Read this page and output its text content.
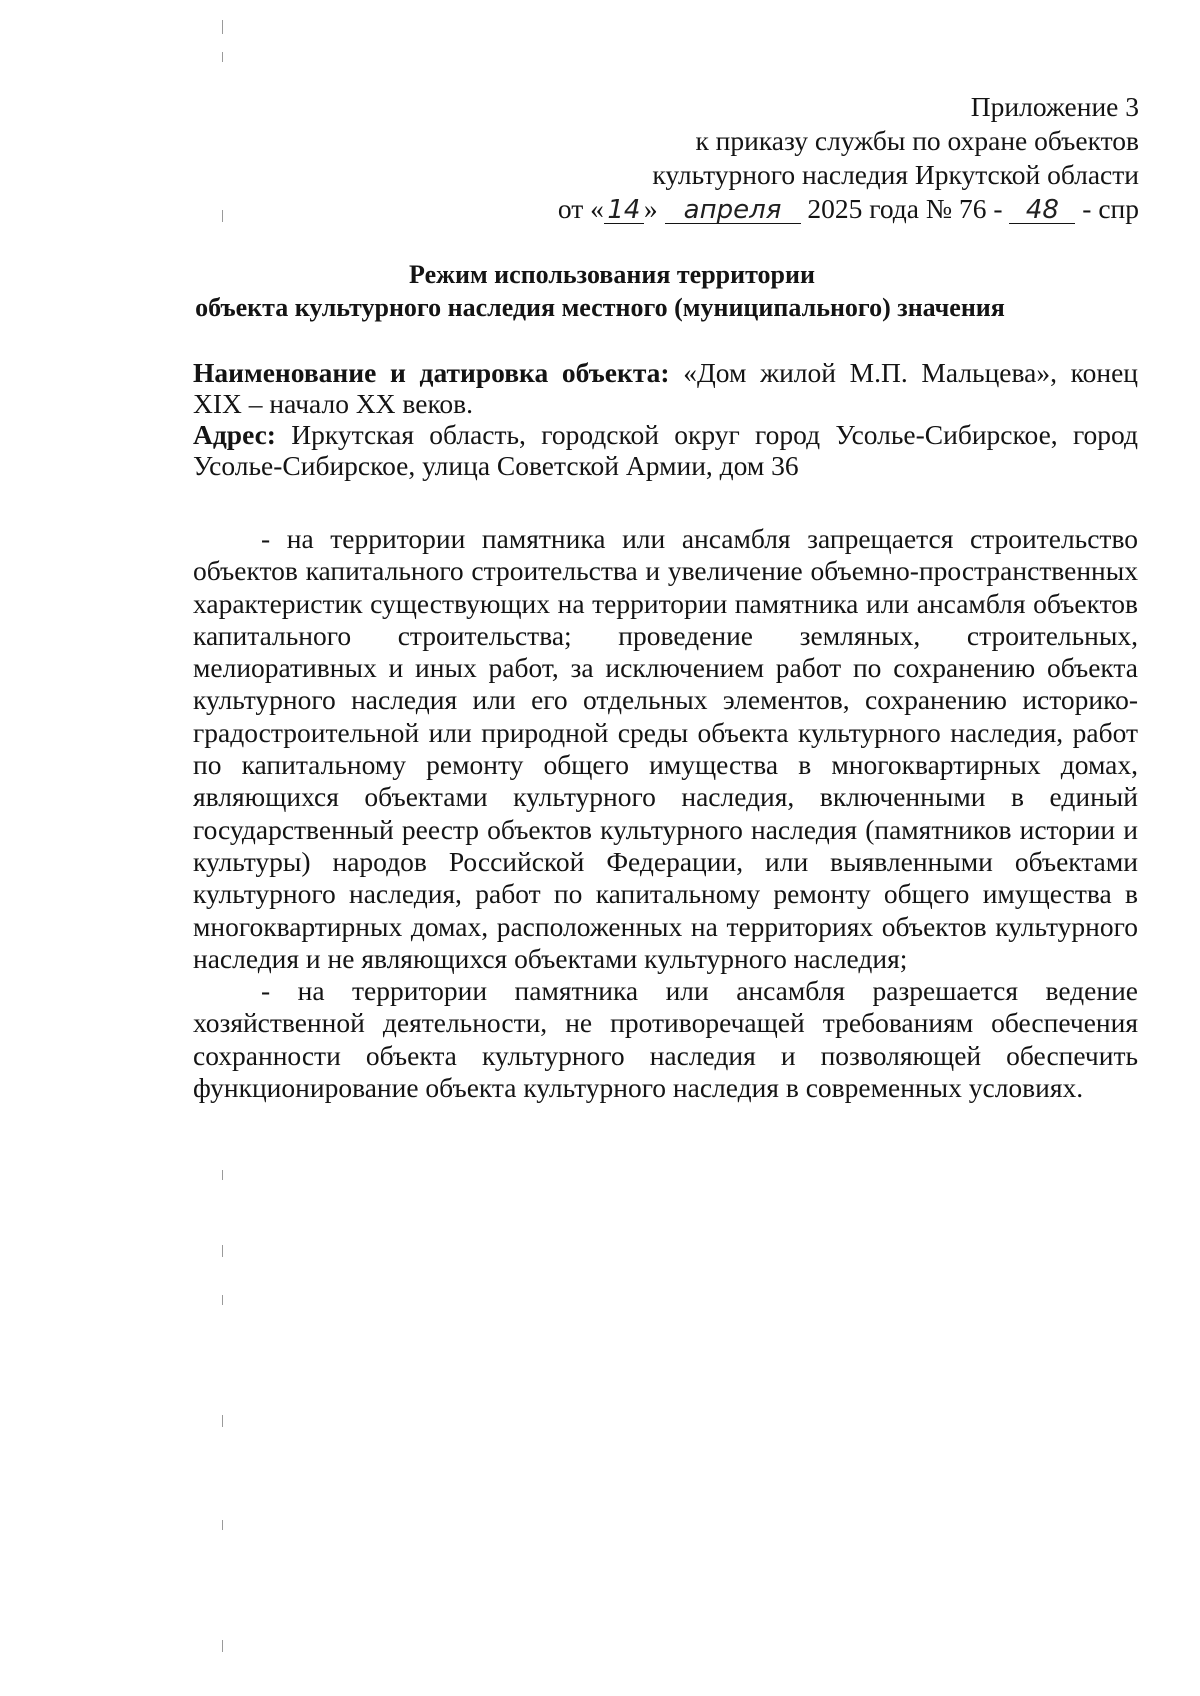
Приложение 3
к приказу службы по охране объектов
культурного наследия Иркутской области
от « 14 » апреля 2025 года № 76 - 48 - спр
Режим использования территории
объекта культурного наследия местного (муниципального) значения

Наименование и датировка объекта: «Дом жилой М.П. Мальцева», конец XIX – начало XX веков.

Адрес: Иркутская область, городской округ город Усолье-Сибирское, город Усолье-Сибирское, улица Советской Армии, дом 36

- на территории памятника или ансамбля запрещается строительство объектов капитального строительства и увеличение объемно-пространственных характеристик существующих на территории памятника или ансамбля объектов капитального строительства; проведение земляных, строительных, мелиоративных и иных работ, за исключением работ по сохранению объекта культурного наследия или его отдельных элементов, сохранению историко-градостроительной или природной среды объекта культурного наследия, работ по капитальному ремонту общего имущества в многоквартирных домах, являющихся объектами культурного наследия, включенными в единый государственный реестр объектов культурного наследия (памятников истории и культуры) народов Российской Федерации, или выявленными объектами культурного наследия, работ по капитальному ремонту общего имущества в многоквартирных домах, расположенных на территориях объектов культурного наследия и не являющихся объектами культурного наследия;

- на территории памятника или ансамбля разрешается ведение хозяйственной деятельности, не противоречащей требованиям обеспечения сохранности объекта культурного наследия и позволяющей обеспечить функционирование объекта культурного наследия в современных условиях.
